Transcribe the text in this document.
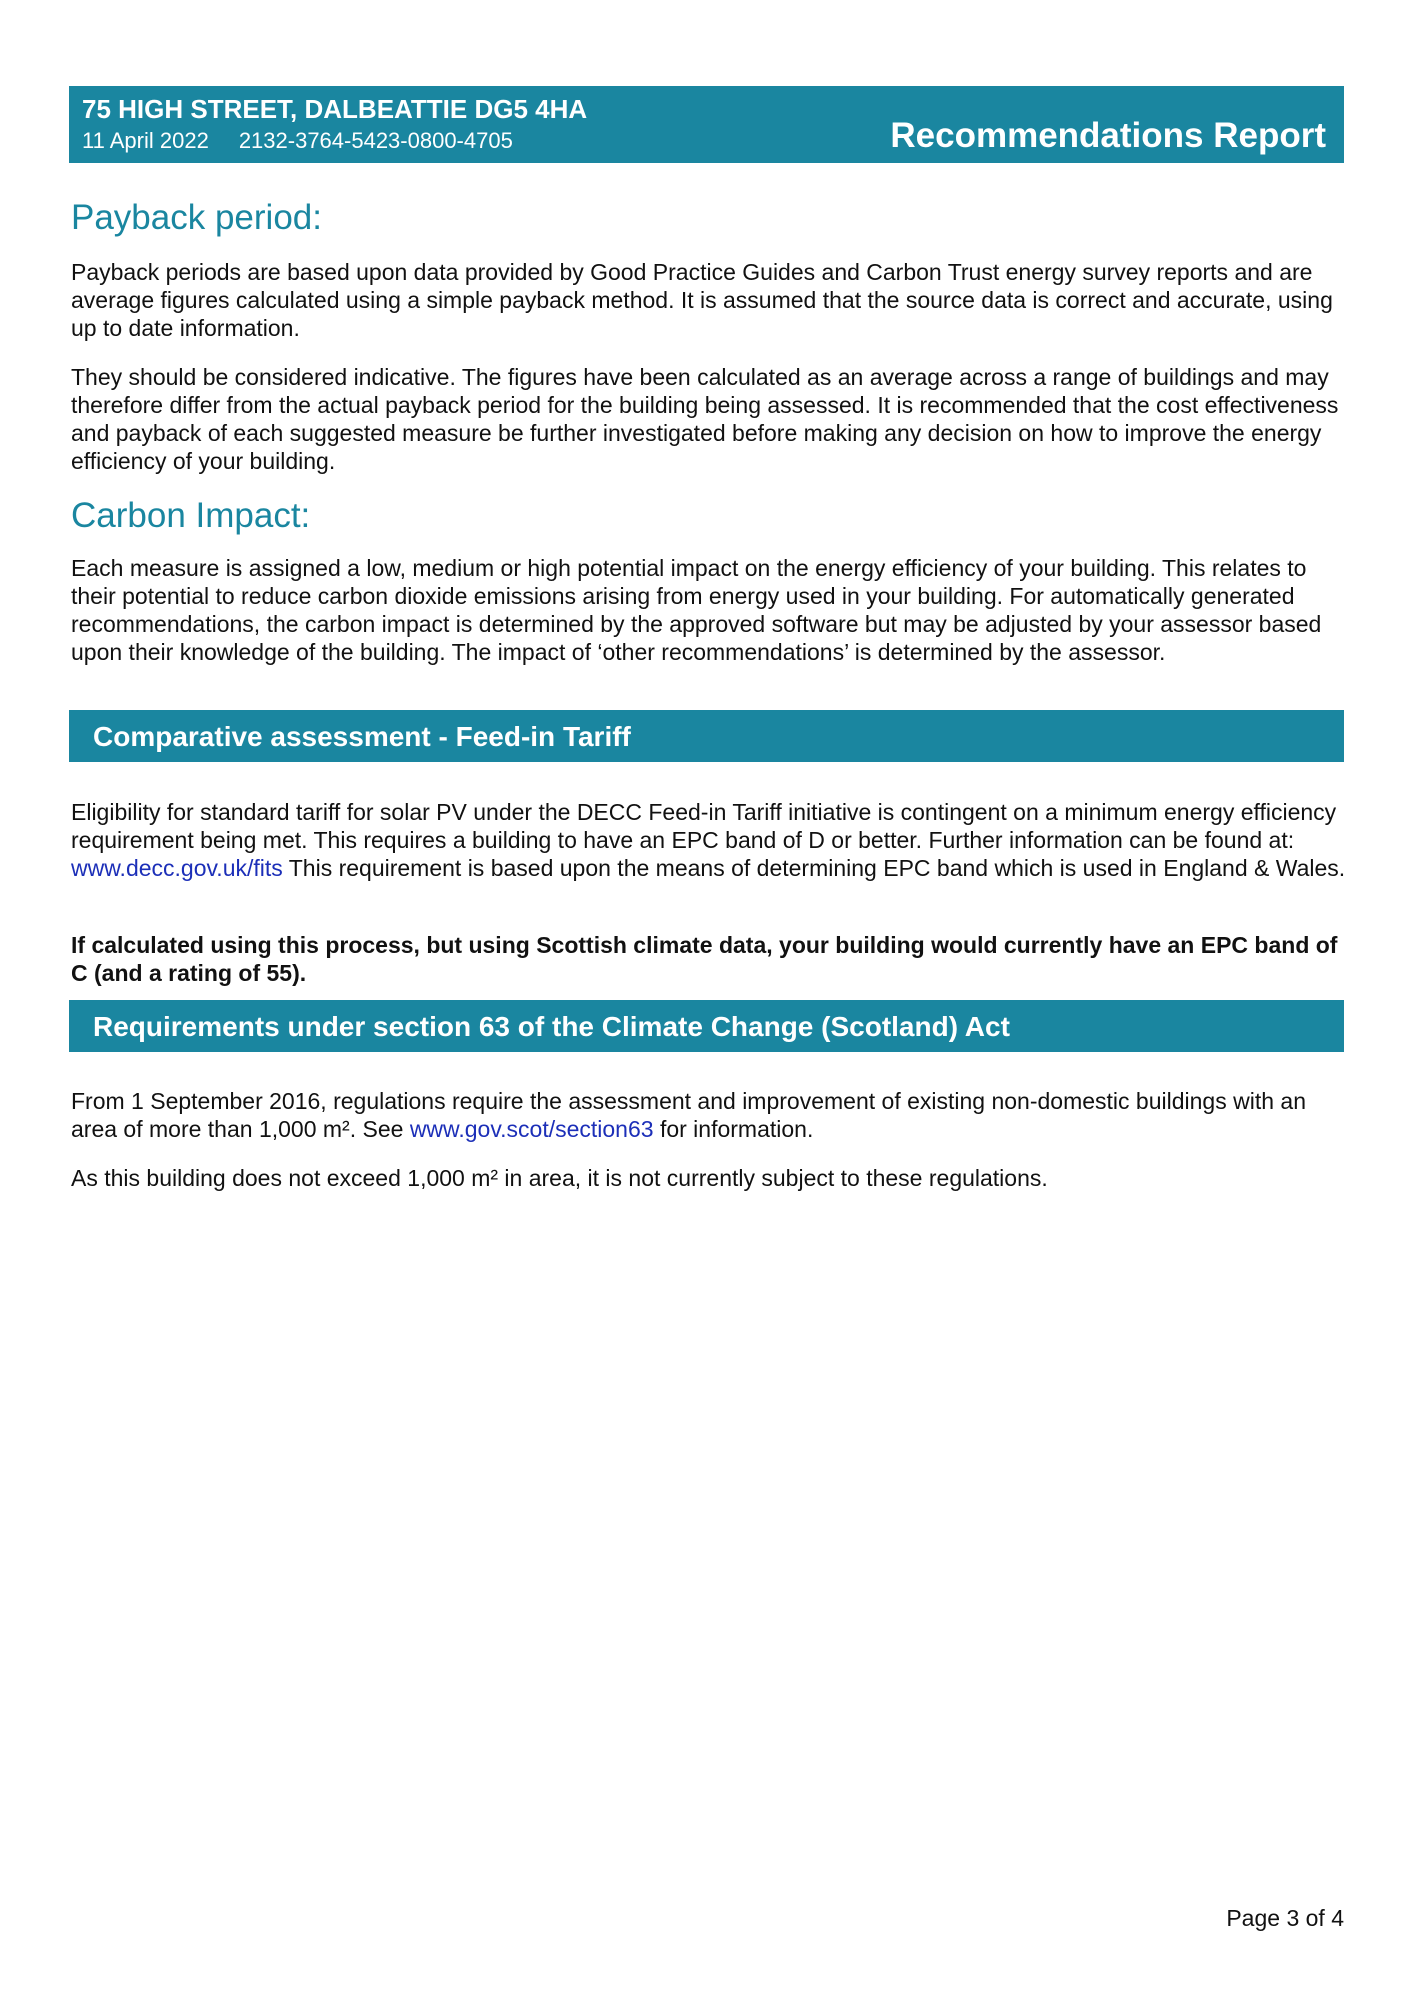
75 HIGH STREET, DALBEATTIE DG5 4HA
11 April 2022 2132-3764-5423-0800-4705	Recommendations Report
Payback period:

Payback periods are based upon data provided by Good Practice Guides and Carbon Trust energy survey reports and are average figures calculated using a simple payback method. It is assumed that the source data is correct and accurate, using up to date information.

They should be considered indicative. The figures have been calculated as an average across a range of buildings and may therefore differ from the actual payback period for the building being assessed. It is recommended that the cost effectiveness and payback of each suggested measure be further investigated before making any decision on how to improve the energy efficiency of your building.

Carbon Impact:

Each measure is assigned a low, medium or high potential impact on the energy efficiency of your building. This relates to their potential to reduce carbon dioxide emissions arising from energy used in your building. For automatically generated recommendations, the carbon impact is determined by the approved software but may be adjusted by your assessor based upon their knowledge of the building. The impact of ‘other recommendations’ is determined by the assessor.

Comparative assessment - Feed-in Tariff

Eligibility for standard tariff for solar PV under the DECC Feed-in Tariff initiative is contingent on a minimum energy efficiency requirement being met. This requires a building to have an EPC band of D or better. Further information can be found at: www.decc.gov.uk/fits This requirement is based upon the means of determining EPC band which is used in England & Wales.

If calculated using this process, but using Scottish climate data, your building would currently have an EPC band of C (and a rating of 55).

Requirements under section 63 of the Climate Change (Scotland) Act

From 1 September 2016, regulations require the assessment and improvement of existing non-domestic buildings with an area of more than 1,000 m². See www.gov.scot/section63 for information.

As this building does not exceed 1,000 m² in area, it is not currently subject to these regulations.

Page 3 of 4
